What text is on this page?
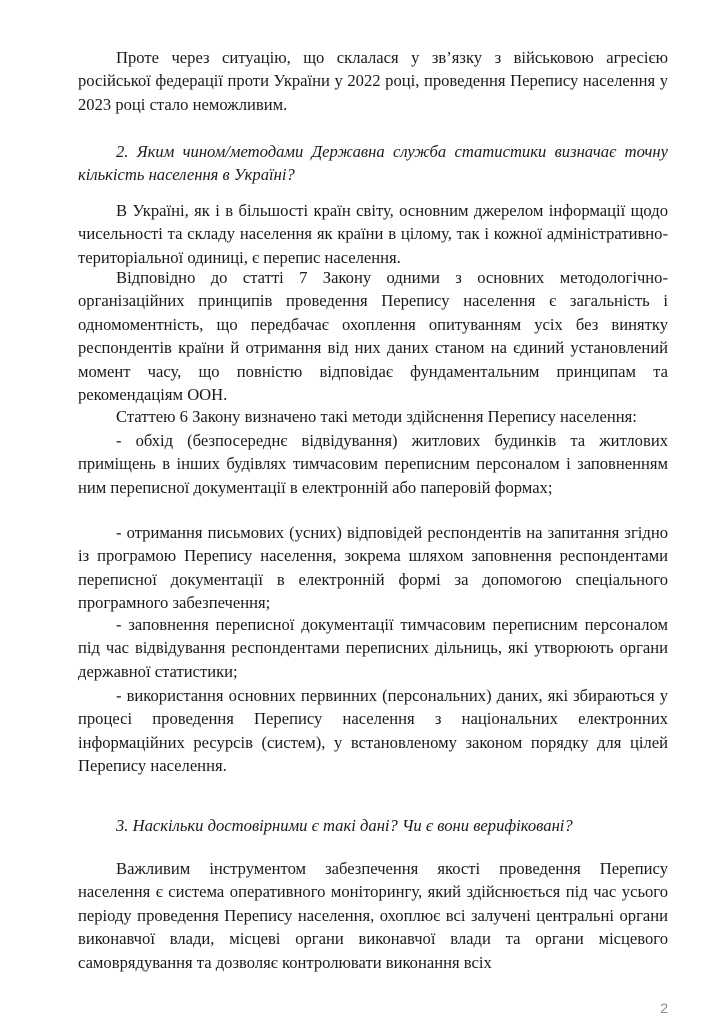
Проте через ситуацію, що склалася у зв’язку з військовою агресією російської федерації проти України у 2022 році, проведення Перепису населення у 2023 році стало неможливим.

2. Яким чином/методами Державна служба статистики визначає точну кількість населення в Україні?

В Україні, як і в більшості країн світу, основним джерелом інформації щодо чисельності та складу населення як країни в цілому, так і кожної адміністративно-територіальної одиниці, є перепис населення.

Відповідно до статті 7 Закону одними з основних методологічно-організаційних принципів проведення Перепису населення є загальність і одномоментність, що передбачає охоплення опитуванням усіх без винятку респондентів країни й отримання від них даних станом на єдиний установлений момент часу, що повністю відповідає фундаментальним принципам та рекомендаціям ООН.

Статтею 6 Закону визначено такі методи здійснення Перепису населення:

- обхід (безпосереднє відвідування) житлових будинків та житлових приміщень в інших будівлях тимчасовим переписним персоналом і заповненням ним переписної документації в електронній або паперовій формах;

- отримання письмових (усних) відповідей респондентів на запитання згідно із програмою Перепису населення, зокрема шляхом заповнення респондентами переписної документації в електронній формі за допомогою спеціального програмного забезпечення;

- заповнення переписної документації тимчасовим переписним персоналом під час відвідування респондентами переписних дільниць, які утворюють органи державної статистики;

- використання основних первинних (персональних) даних, які збираються у процесі проведення Перепису населення з національних електронних інформаційних ресурсів (систем), у встановленому законом порядку для цілей Перепису населення.

3. Наскільки достовірними є такі дані? Чи є вони верифіковані?

Важливим інструментом забезпечення якості проведення Перепису населення є система оперативного моніторингу, який здійснюється під час усього періоду проведення Перепису населення, охоплює всі залучені центральні органи виконавчої влади, місцеві органи виконавчої влади та органи місцевого самоврядування та дозволяє контролювати виконання всіх

2
